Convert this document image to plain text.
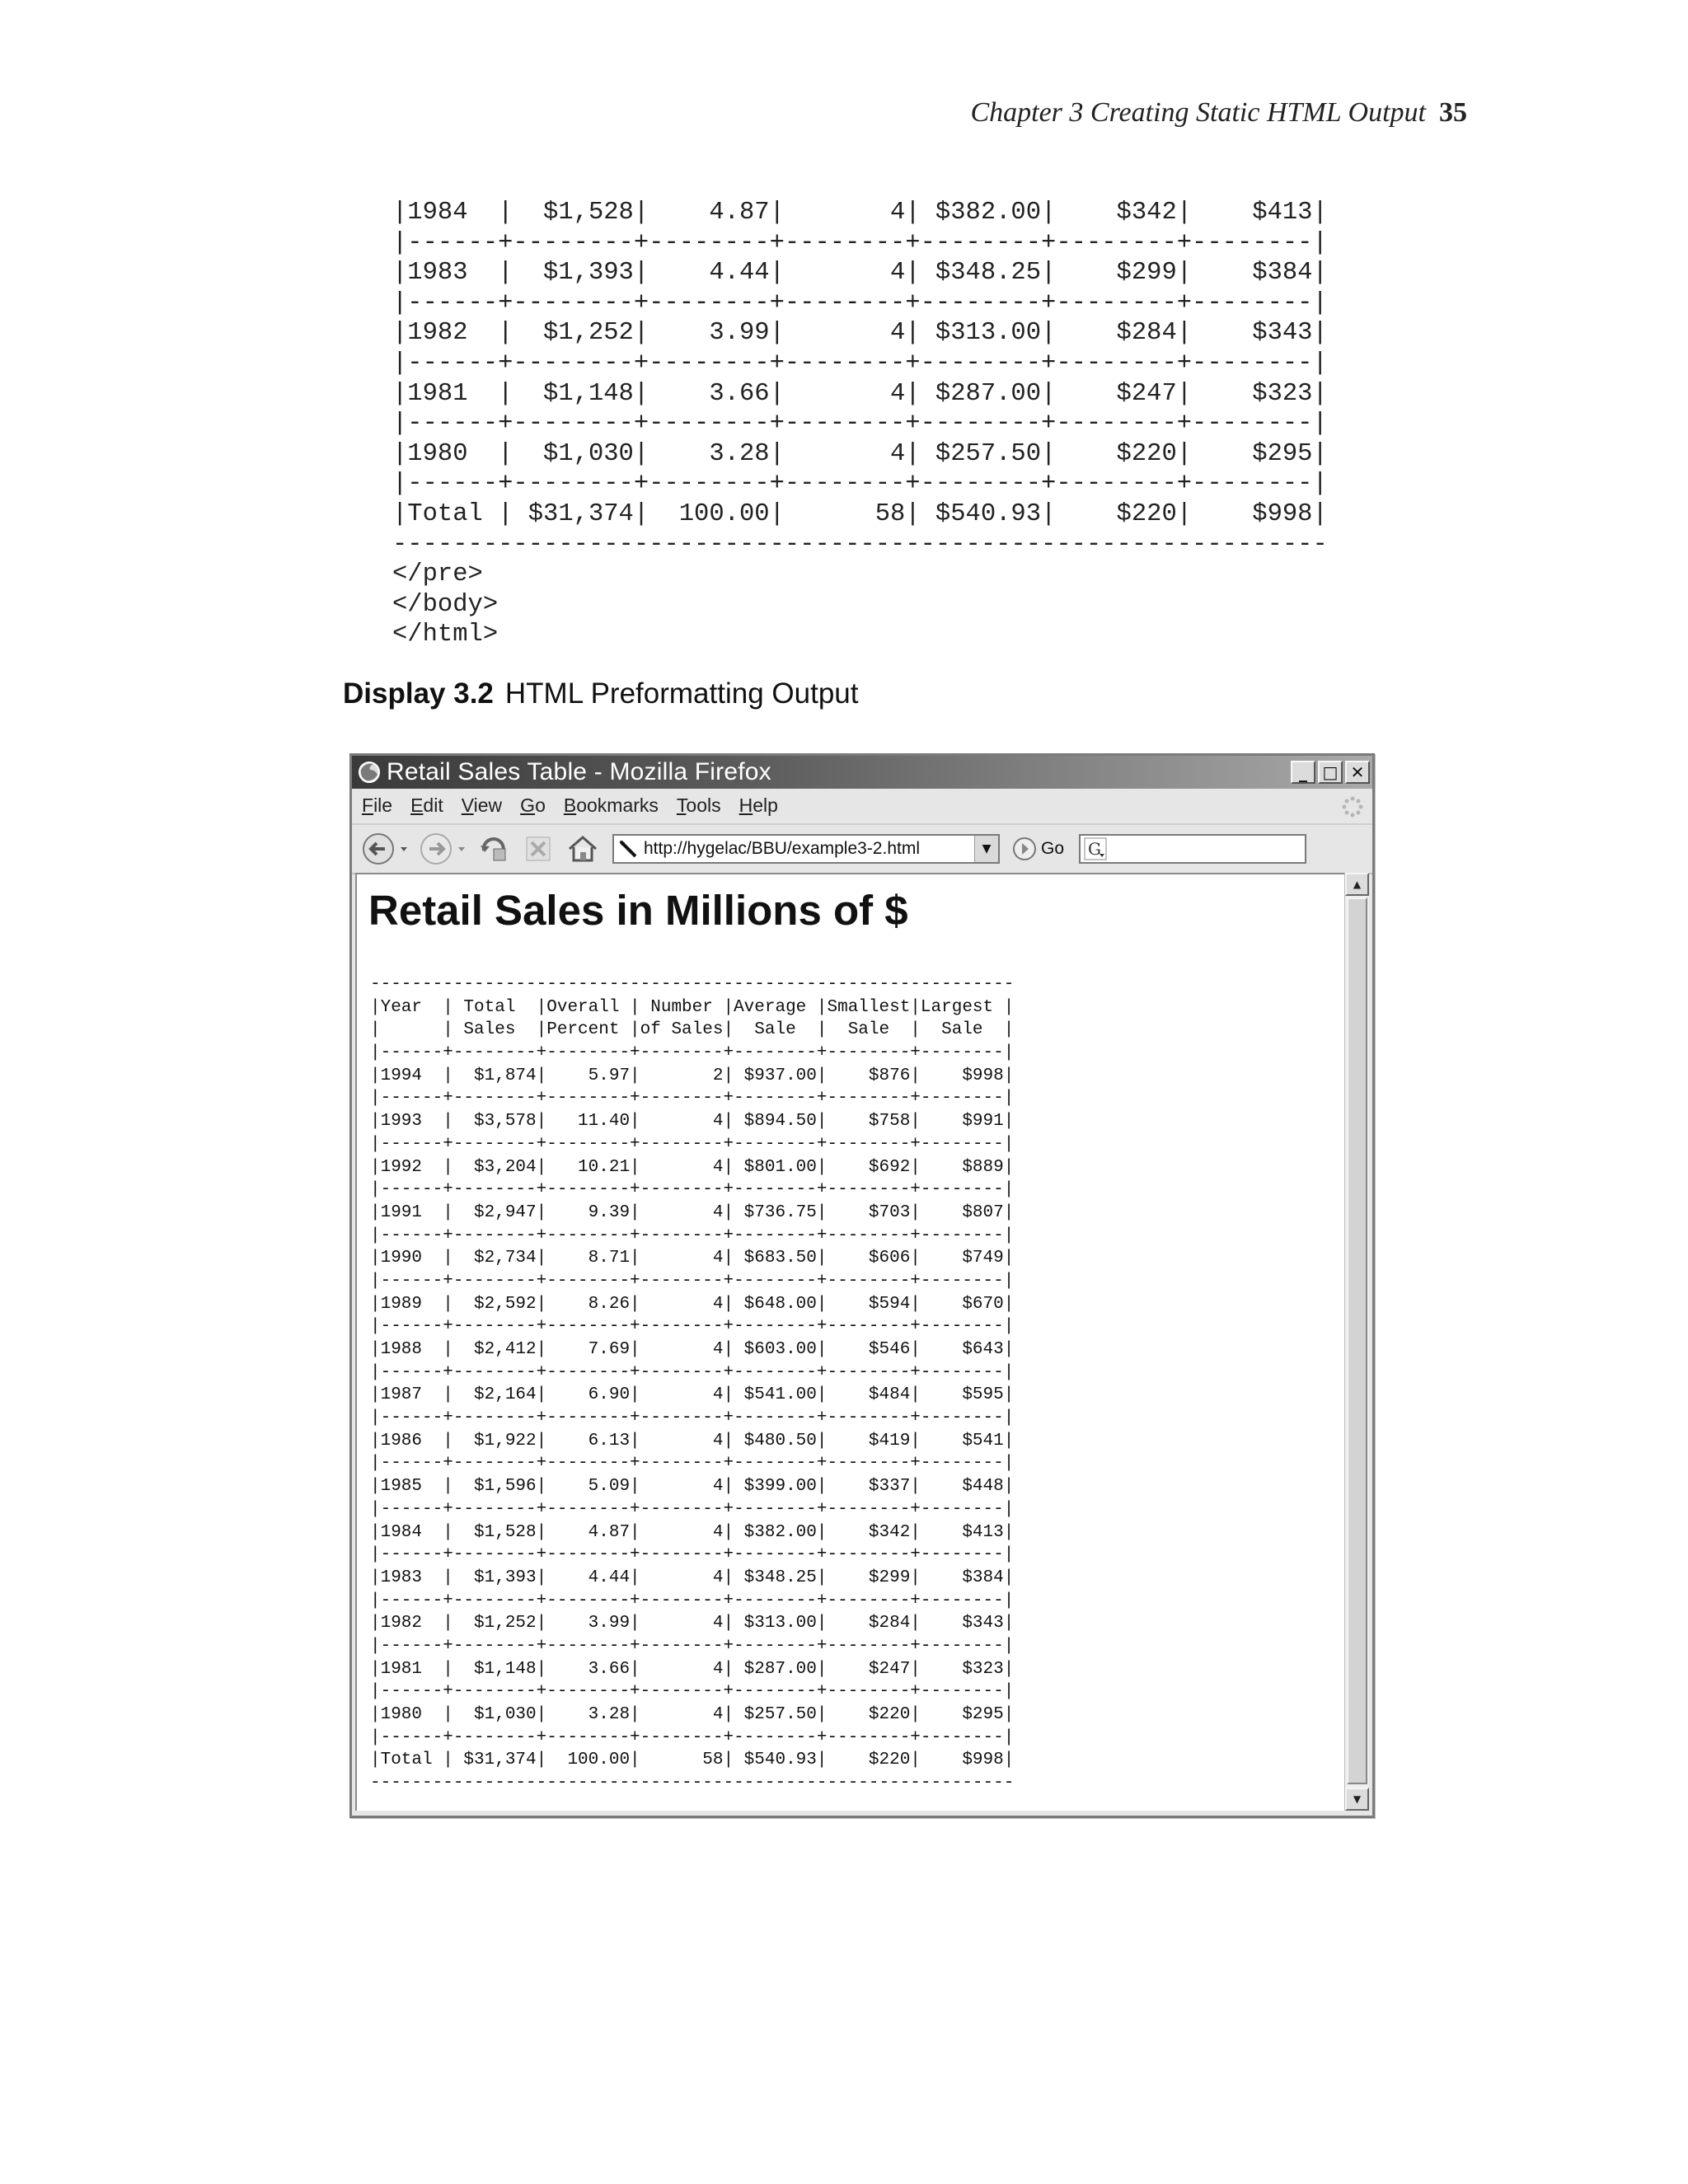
Chapter 3 Creating Static HTML Output 35
|1984  |  $1,528|    4.87|       4| $382.00|    $342|    $413|
|------+--------+--------+--------+--------+--------+--------|
|1983  |  $1,393|    4.44|       4| $348.25|    $299|    $384|
|------+--------+--------+--------+--------+--------+--------|
|1982  |  $1,252|    3.99|       4| $313.00|    $284|    $343|
|------+--------+--------+--------+--------+--------+--------|
|1981  |  $1,148|    3.66|       4| $287.00|    $247|    $323|
|------+--------+--------+--------+--------+--------+--------|
|1980  |  $1,030|    3.28|       4| $257.50|    $220|    $295|
|------+--------+--------+--------+--------+--------+--------|
|Total | $31,374|  100.00|      58| $540.93|    $220|    $998|
--------------------------------------------------------------
</pre>
</body>
</html>
Display 3.2 HTML Preformatting Output
Retail Sales Table - Mozilla Firefox	_ □ ✕
File Edit View Go Bookmarks Tools Help
http://hygelac/BBU/example3-2.html	▼	Go G
Retail Sales in Millions of $
--------------------------------------------------------------
|Year  | Total  |Overall | Number |Average |Smallest|Largest |
|      | Sales  |Percent |of Sales|  Sale  |  Sale  |  Sale  |
|------+--------+--------+--------+--------+--------+--------|
|1994  |  $1,874|    5.97|       2| $937.00|    $876|    $998|
|------+--------+--------+--------+--------+--------+--------|
|1993  |  $3,578|   11.40|       4| $894.50|    $758|    $991|
|------+--------+--------+--------+--------+--------+--------|
|1992  |  $3,204|   10.21|       4| $801.00|    $692|    $889|
|------+--------+--------+--------+--------+--------+--------|
|1991  |  $2,947|    9.39|       4| $736.75|    $703|    $807|
|------+--------+--------+--------+--------+--------+--------|
|1990  |  $2,734|    8.71|       4| $683.50|    $606|    $749|
|------+--------+--------+--------+--------+--------+--------|
|1989  |  $2,592|    8.26|       4| $648.00|    $594|    $670|
|------+--------+--------+--------+--------+--------+--------|
|1988  |  $2,412|    7.69|       4| $603.00|    $546|    $643|
|------+--------+--------+--------+--------+--------+--------|
|1987  |  $2,164|    6.90|       4| $541.00|    $484|    $595|
|------+--------+--------+--------+--------+--------+--------|
|1986  |  $1,922|    6.13|       4| $480.50|    $419|    $541|
|------+--------+--------+--------+--------+--------+--------|
|1985  |  $1,596|    5.09|       4| $399.00|    $337|    $448|
|------+--------+--------+--------+--------+--------+--------|
|1984  |  $1,528|    4.87|       4| $382.00|    $342|    $413|
|------+--------+--------+--------+--------+--------+--------|
|1983  |  $1,393|    4.44|       4| $348.25|    $299|    $384|
|------+--------+--------+--------+--------+--------+--------|
|1982  |  $1,252|    3.99|       4| $313.00|    $284|    $343|
|------+--------+--------+--------+--------+--------+--------|
|1981  |  $1,148|    3.66|       4| $287.00|    $247|    $323|
|------+--------+--------+--------+--------+--------+--------|
|1980  |  $1,030|    3.28|       4| $257.50|    $220|    $295|
|------+--------+--------+--------+--------+--------+--------|
|Total | $31,374|  100.00|      58| $540.93|    $220|    $998|
--------------------------------------------------------------
▲
▼
